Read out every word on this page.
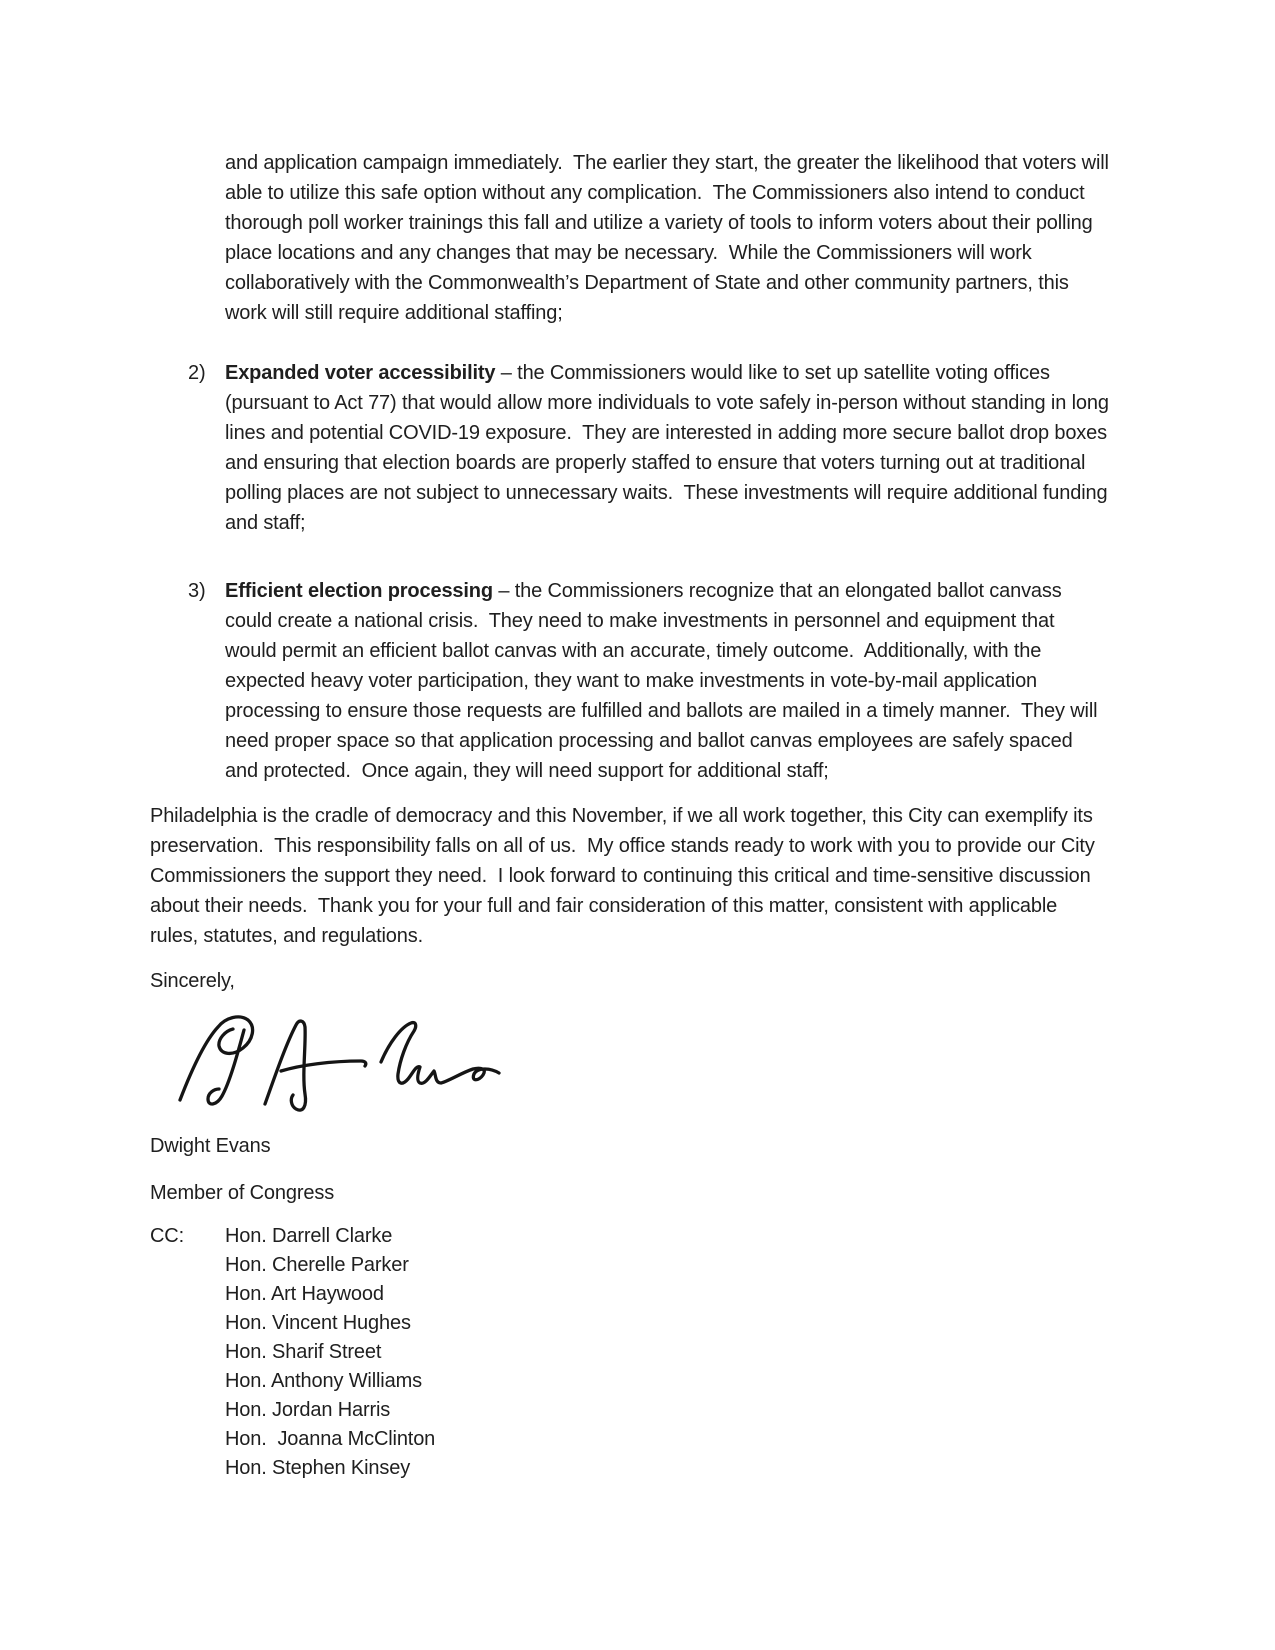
and application campaign immediately.  The earlier they start, the greater the likelihood that voters will able to utilize this safe option without any complication.  The Commissioners also intend to conduct thorough poll worker trainings this fall and utilize a variety of tools to inform voters about their polling place locations and any changes that may be necessary.  While the Commissioners will work collaboratively with the Commonwealth’s Department of State and other community partners, this work will still require additional staffing;
2) Expanded voter accessibility – the Commissioners would like to set up satellite voting offices (pursuant to Act 77) that would allow more individuals to vote safely in-person without standing in long lines and potential COVID-19 exposure.  They are interested in adding more secure ballot drop boxes and ensuring that election boards are properly staffed to ensure that voters turning out at traditional polling places are not subject to unnecessary waits.  These investments will require additional funding and staff;
3) Efficient election processing – the Commissioners recognize that an elongated ballot canvass could create a national crisis.  They need to make investments in personnel and equipment that would permit an efficient ballot canvas with an accurate, timely outcome.  Additionally, with the expected heavy voter participation, they want to make investments in vote-by-mail application processing to ensure those requests are fulfilled and ballots are mailed in a timely manner.  They will need proper space so that application processing and ballot canvas employees are safely spaced and protected.  Once again, they will need support for additional staff;
Philadelphia is the cradle of democracy and this November, if we all work together, this City can exemplify its preservation.  This responsibility falls on all of us.  My office stands ready to work with you to provide our City Commissioners the support they need.  I look forward to continuing this critical and time-sensitive discussion about their needs.  Thank you for your full and fair consideration of this matter, consistent with applicable rules, statutes, and regulations.
Sincerely,
Dwight Evans
Member of Congress
CC:	Hon. Darrell Clarke
Hon. Cherelle Parker
Hon. Art Haywood
Hon. Vincent Hughes
Hon. Sharif Street
Hon. Anthony Williams
Hon. Jordan Harris
Hon.  Joanna McClinton
Hon. Stephen Kinsey
